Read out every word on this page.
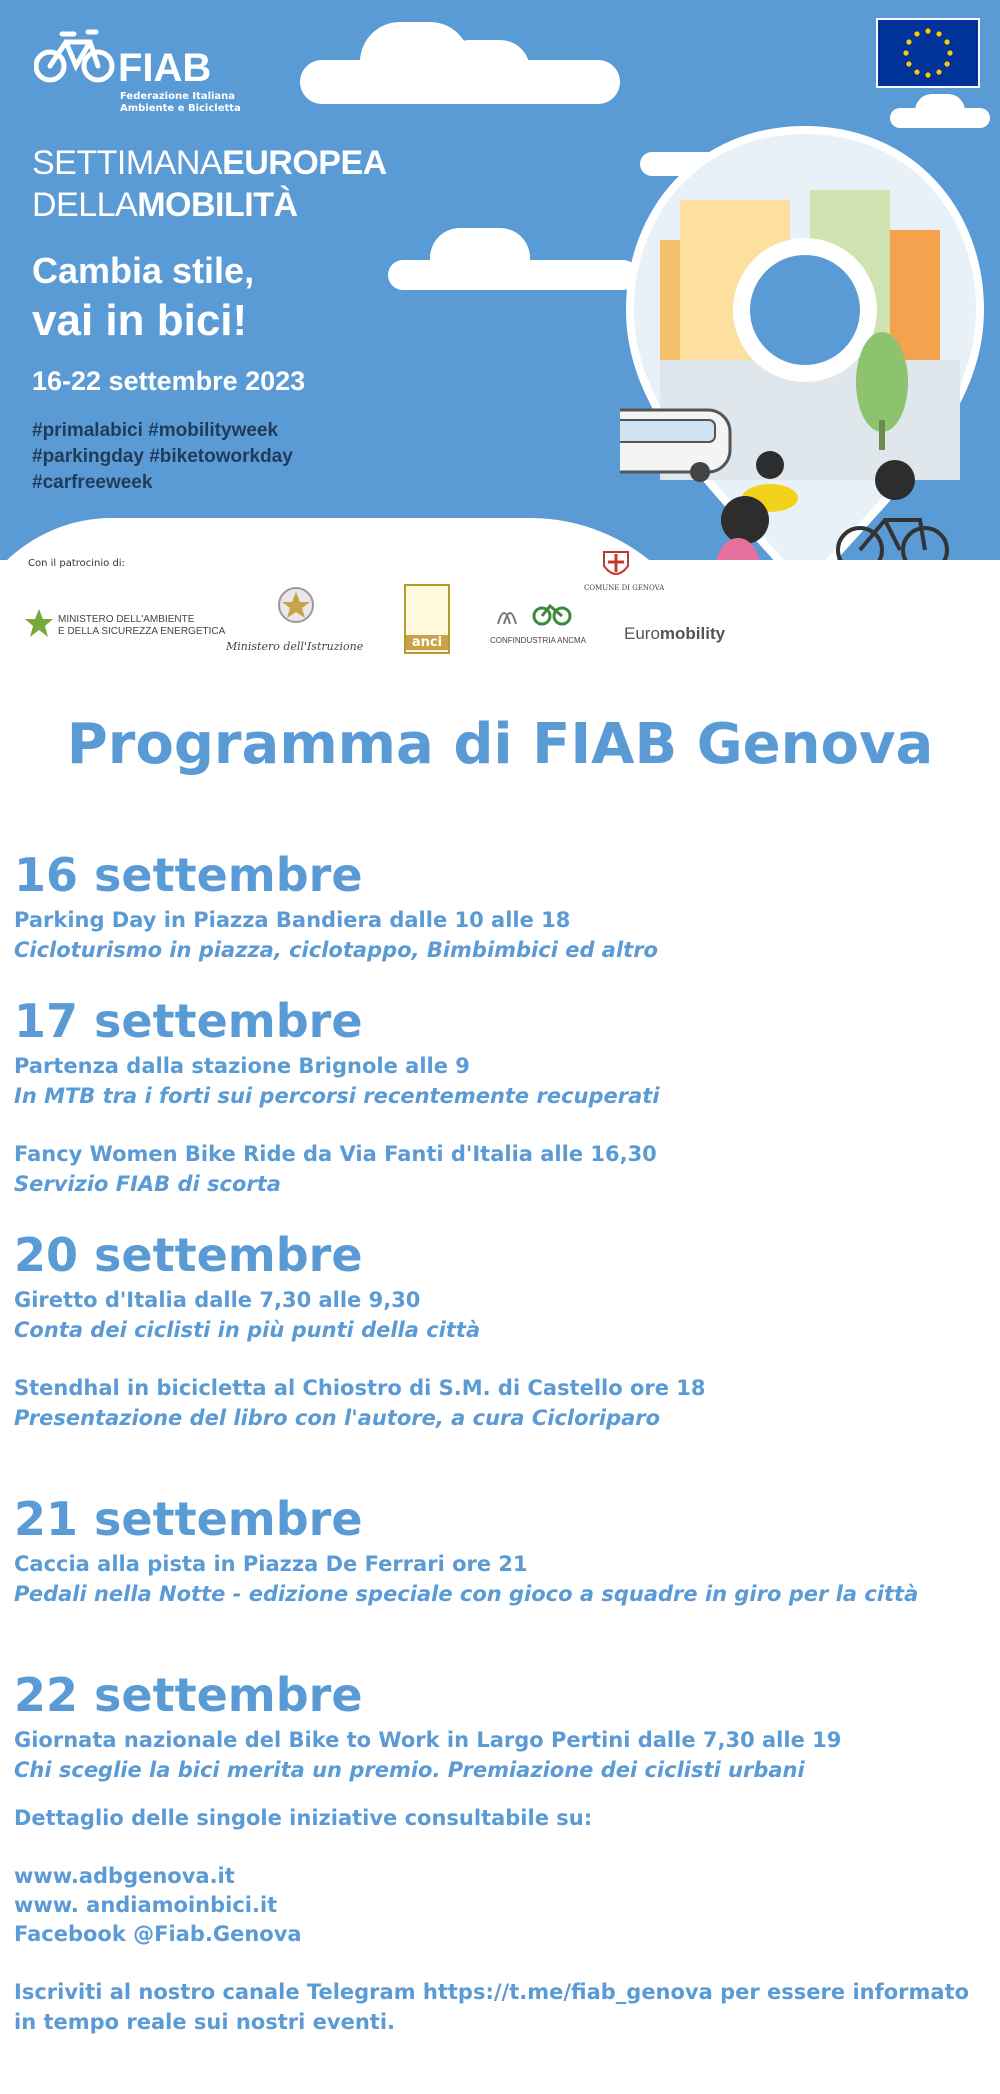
FIAB
Federazione Italiana
Ambiente e Bicicletta
SETTIMANAEUROPEA
DELLAMOBILITÀ
Cambia stile,
vai in bici!
16-22 settembre 2023
#primalabici #mobilityweek
#parkingday #biketoworkday
#carfreeweek
Con il patrocinio di:
MINISTERO DELL'AMBIENTE
E DELLA SICUREZZA ENERGETICA
Ministero dell'Istruzione	anci	CONFINDUSTRIA ANCMA
COMUNE DI GENOVA
Euromobility
Programma di FIAB Genova
16 settembre
Parking Day in Piazza Bandiera dalle 10 alle 18
Cicloturismo in piazza, ciclotappo, Bimbimbici ed altro
17 settembre
Partenza dalla stazione Brignole alle 9
In MTB tra i forti sui percorsi recentemente recuperati
Fancy Women Bike Ride da Via Fanti d'Italia alle 16,30
Servizio FIAB di scorta
20 settembre
Giretto d'Italia dalle 7,30 alle 9,30
Conta dei ciclisti in più punti della città
Stendhal in bicicletta al Chiostro di S.M. di Castello ore 18
Presentazione del libro con l'autore, a cura Cicloriparo
21 settembre
Caccia alla pista in Piazza De Ferrari ore 21
Pedali nella Notte - edizione speciale con gioco a squadre in giro per la città
22 settembre
Giornata nazionale del Bike to Work in Largo Pertini dalle 7,30 alle 19
Chi sceglie la bici merita un premio. Premiazione dei ciclisti urbani
Dettaglio delle singole iniziative consultabile su:
www.adbgenova.it
www. andiamoinbici.it
Facebook @Fiab.Genova
Iscriviti al nostro canale Telegram https://t.me/fiab_genova per essere informato
in tempo reale sui nostri eventi.
